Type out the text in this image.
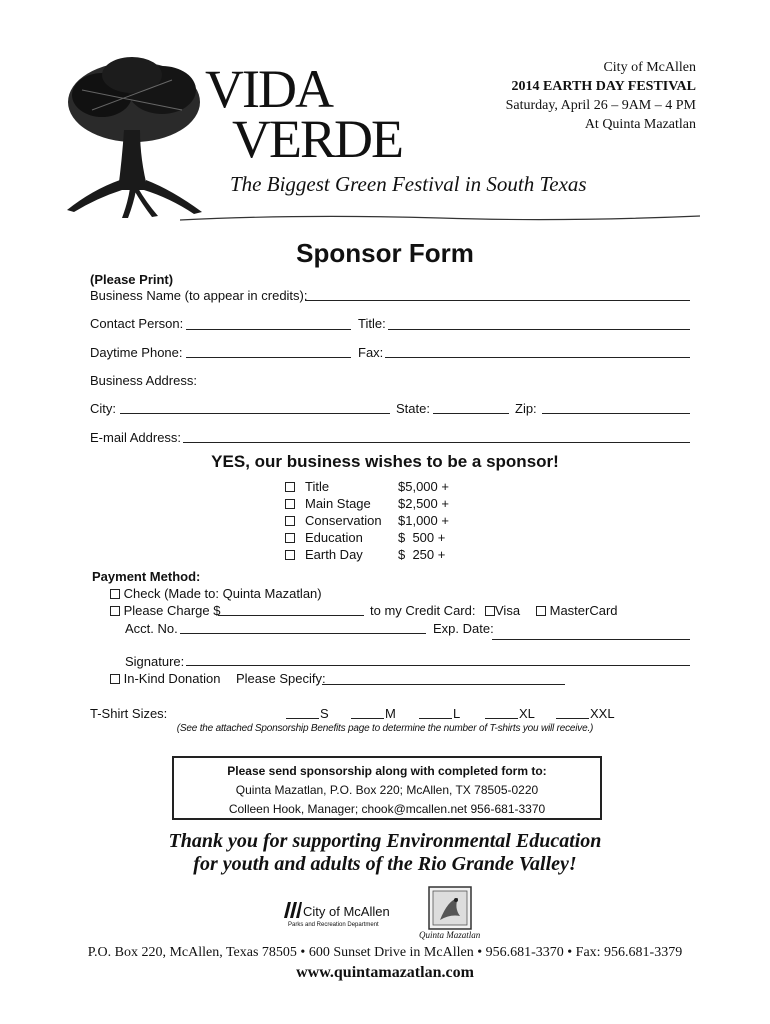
VIDA
VERDE
The Biggest Green Festival in South Texas
City of McAllen
2014 EARTH DAY FESTIVAL
Saturday, April 26 – 9AM – 4 PM
At Quinta Mazatlan
Sponsor Form
(Please Print)
Business Name (to appear in credits):
Contact Person:	Title:
Daytime Phone:	Fax:
Business Address:
City:	State:	Zip:
E-mail Address:
YES, our business wishes to be a sponsor!
Title	$5,000 +
Main Stage $2,500 +
Conservation $1,000 +
Education	$  500 +
Earth Day	$  250 +
Payment Method:
Check (Made to: Quinta Mazatlan)
Please Charge $	to my Credit Card:	Visa	MasterCard
Acct. No.	Exp. Date:
Signature:
In-Kind Donation Please Specify:
T-Shirt Sizes:	S	M	L	XL	XXL
(See the attached Sponsorship Benefits page to determine the number of T-shirts you will receive.)
Please send sponsorship along with completed form to:
Quinta Mazatlan, P.O. Box 220; McAllen, TX 78505-0220
Colleen Hook, Manager; chook@mcallen.net 956-681-3370
Thank you for supporting Environmental Education
for youth and adults of the Rio Grande Valley!
City of McAllen
Parks and Recreation Department
Quinta Mazatlan
P.O. Box 220, McAllen, Texas 78505 • 600 Sunset Drive in McAllen • 956.681-3370 • Fax: 956.681-3379
www.quintamazatlan.com
